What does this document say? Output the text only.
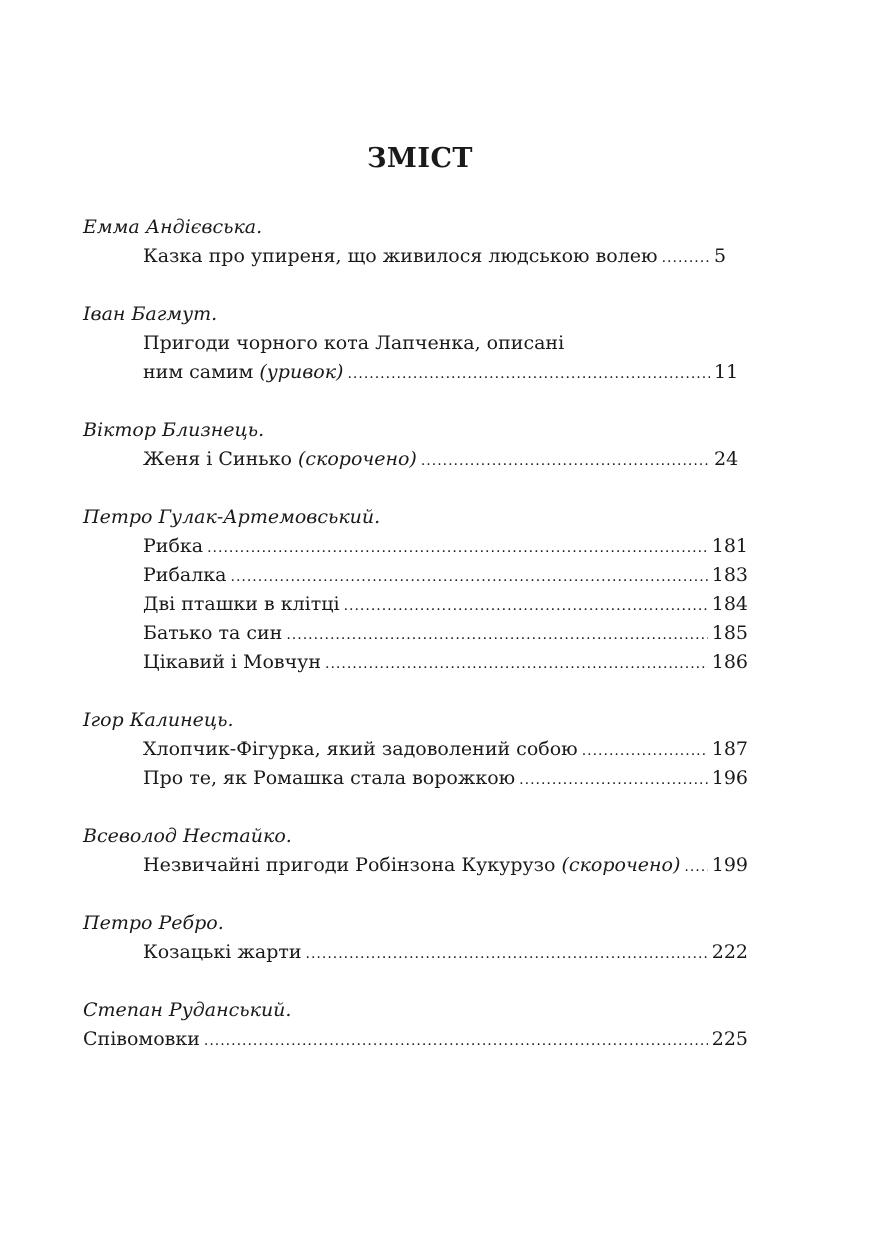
ЗМІСТ
Емма Андієвська.
Казка про упиреня, що живилося людською волею .....	5
Іван Багмут.
Пригоди чорного кота Лапченка, описані
ним самим (уривок) .....	11
Віктор Близнець.
Женя і Синько (скорочено) .....	24
Петро Гулак-Артемовський.
Рибка .....	181
Рибалка .....	183
Дві пташки в клітці .....	184
Батько та син .....	185
Цікавий і Мовчун .....	186
Ігор Калинець.
Хлопчик-Фігурка, який задоволений собою .....	187
Про те, як Ромашка стала ворожкою .....	196
Всеволод Нестайко.
Незвичайні пригоди Робінзона Кукурузо (скорочено) ..... 199
Петро Ребро.
Козацькі жарти .....	222
Степан Руданський.
Співомовки .....	225
